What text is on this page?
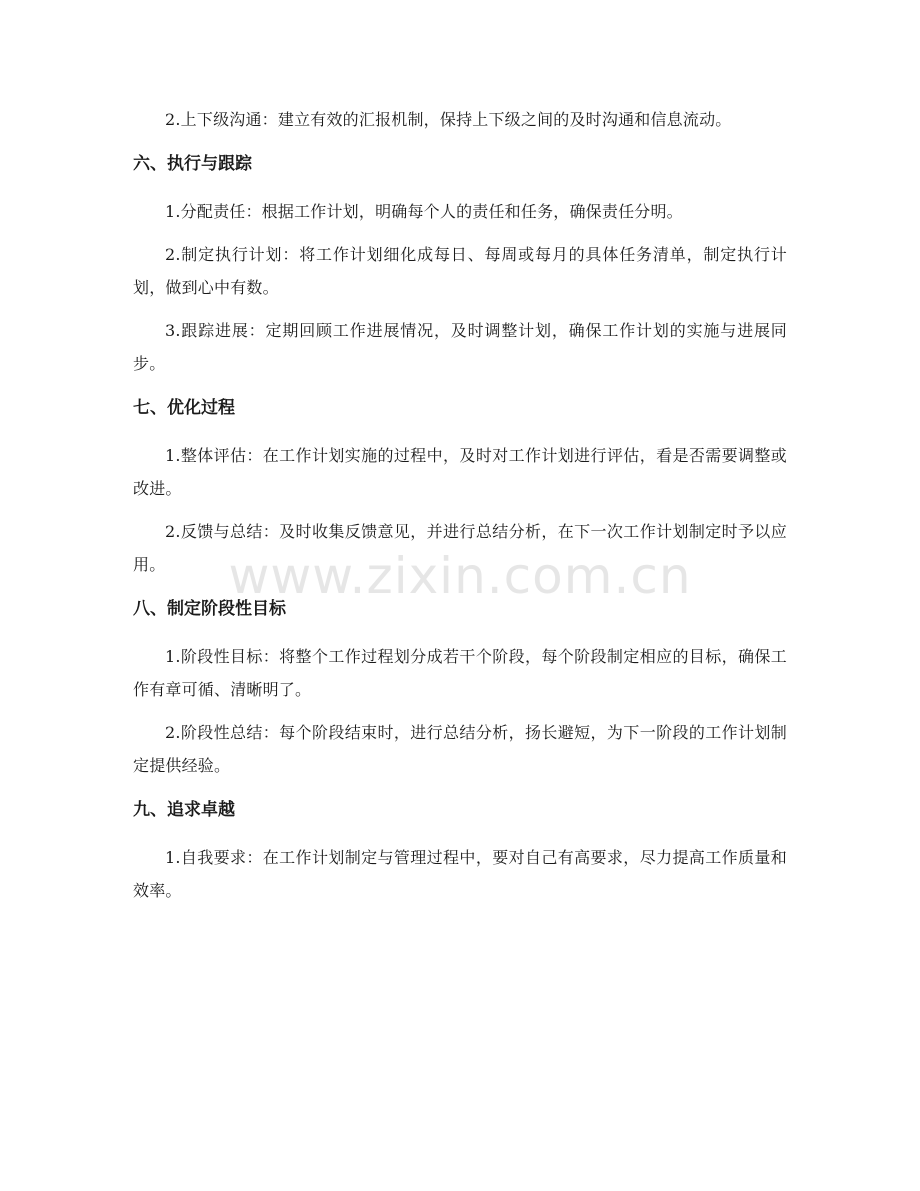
2.上下级沟通：建立有效的汇报机制，保持上下级之间的及时沟通和信息流动。

六、执行与跟踪

1.分配责任：根据工作计划，明确每个人的责任和任务，确保责任分明。

2.制定执行计划：将工作计划细化成每日、每周或每月的具体任务清单，制定执行计划，做到心中有数。

3.跟踪进展：定期回顾工作进展情况，及时调整计划，确保工作计划的实施与进展同步。

七、优化过程

1.整体评估：在工作计划实施的过程中，及时对工作计划进行评估，看是否需要调整或改进。

2.反馈与总结：及时收集反馈意见，并进行总结分析，在下一次工作计划制定时予以应用。

八、制定阶段性目标

1.阶段性目标：将整个工作过程划分成若干个阶段，每个阶段制定相应的目标，确保工作有章可循、清晰明了。

2.阶段性总结：每个阶段结束时，进行总结分析，扬长避短，为下一阶段的工作计划制定提供经验。

九、追求卓越

1.自我要求：在工作计划制定与管理过程中，要对自己有高要求，尽力提高工作质量和效率。

www.zixin.com.cn
